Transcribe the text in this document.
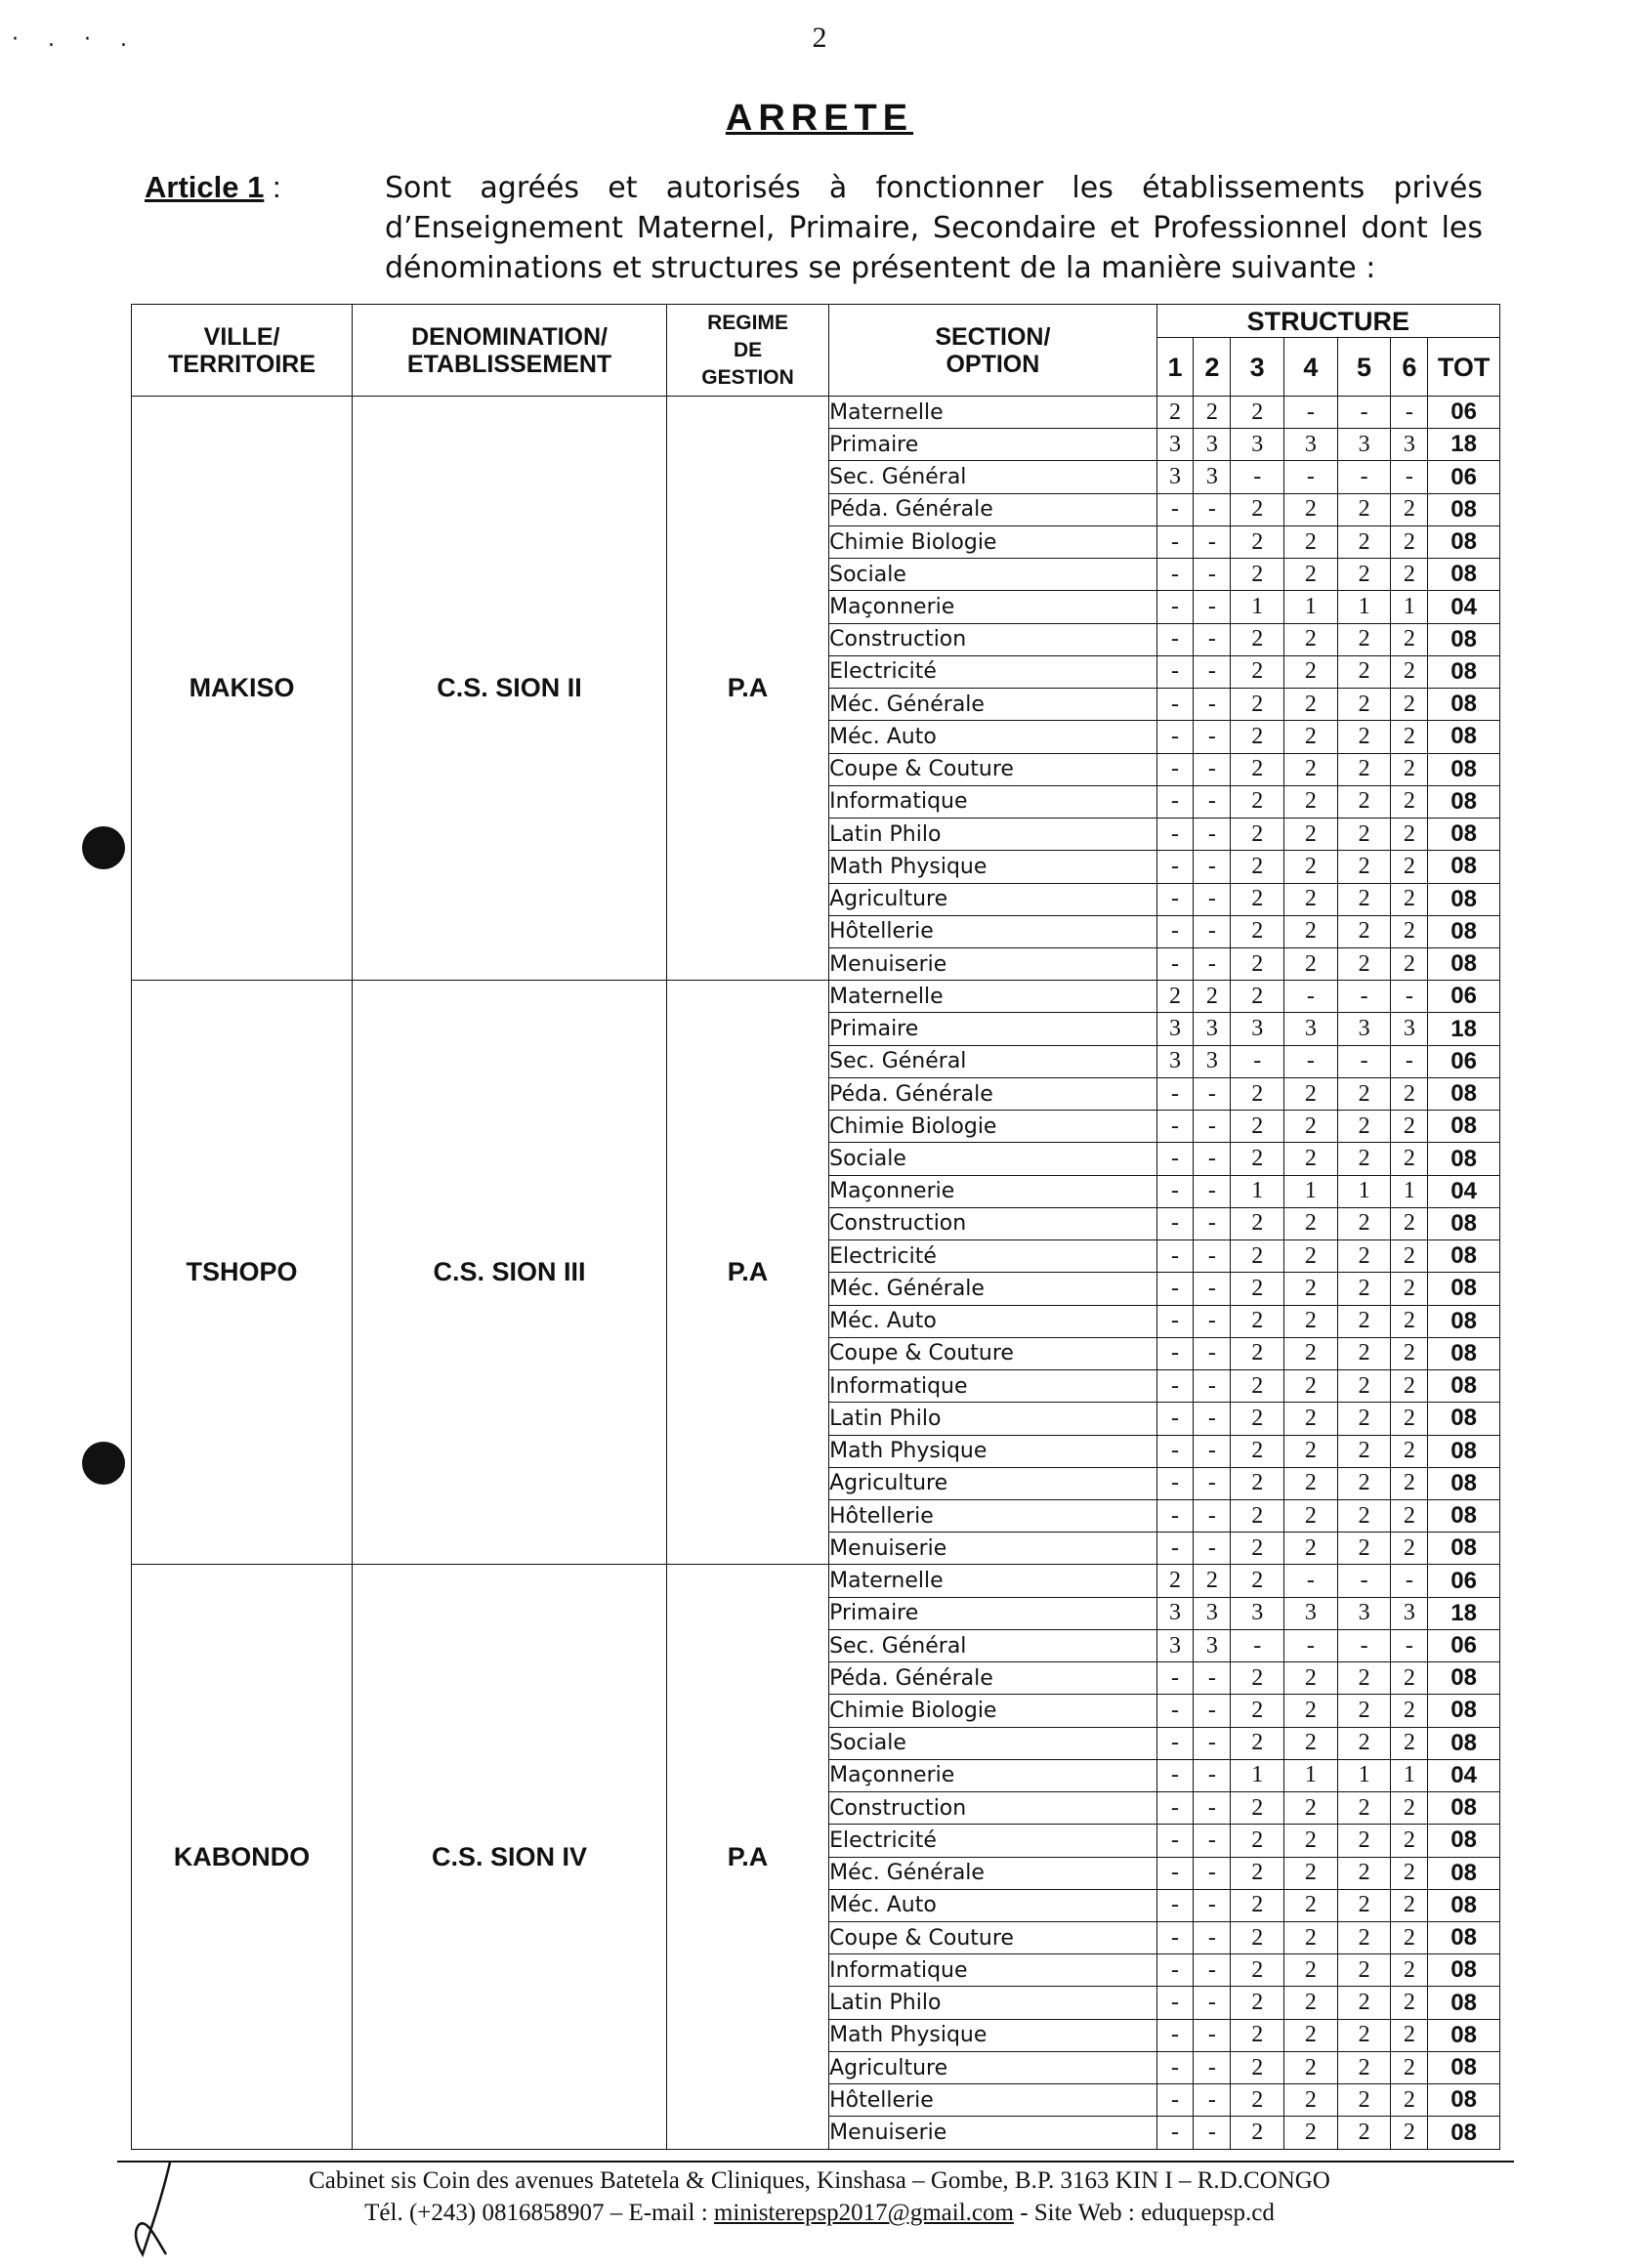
·.·.	2
ARRETE
Article 1 :	Sont agréés et autorisés à fonctionner les établissements privés d’Enseignement Maternel, Primaire, Secondaire et Professionnel dont les dénominations et structures se présentent de la manière suivante :
VILLE/
TERRITOIRE	DENOMINATION/
ETABLISSEMENT	REGIME
DE
GESTION	SECTION/
OPTION	STRUCTURE						
				1	2	3	4	5	6	TOT
MAKISO	C.S. SION II	P.A	Maternelle	2	2	2	-	-	-	06
			Primaire	3	3	3	3	3	3	18
			Sec. Général	3	3	-	-	-	-	06
			Péda. Générale	-	-	2	2	2	2	08
			Chimie Biologie	-	-	2	2	2	2	08
			Sociale	-	-	2	2	2	2	08
			Maçonnerie	-	-	1	1	1	1	04
			Construction	-	-	2	2	2	2	08
			Electricité	-	-	2	2	2	2	08
			Méc. Générale	-	-	2	2	2	2	08
			Méc. Auto	-	-	2	2	2	2	08
			Coupe & Couture	-	-	2	2	2	2	08
			Informatique	-	-	2	2	2	2	08
			Latin Philo	-	-	2	2	2	2	08
			Math Physique	-	-	2	2	2	2	08
			Agriculture	-	-	2	2	2	2	08
			Hôtellerie	-	-	2	2	2	2	08
			Menuiserie	-	-	2	2	2	2	08
TSHOPO	C.S. SION III	P.A	Maternelle	2	2	2	-	-	-	06
			Primaire	3	3	3	3	3	3	18
			Sec. Général	3	3	-	-	-	-	06
			Péda. Générale	-	-	2	2	2	2	08
			Chimie Biologie	-	-	2	2	2	2	08
			Sociale	-	-	2	2	2	2	08
			Maçonnerie	-	-	1	1	1	1	04
			Construction	-	-	2	2	2	2	08
			Electricité	-	-	2	2	2	2	08
			Méc. Générale	-	-	2	2	2	2	08
			Méc. Auto	-	-	2	2	2	2	08
			Coupe & Couture	-	-	2	2	2	2	08
			Informatique	-	-	2	2	2	2	08
			Latin Philo	-	-	2	2	2	2	08
			Math Physique	-	-	2	2	2	2	08
			Agriculture	-	-	2	2	2	2	08
			Hôtellerie	-	-	2	2	2	2	08
			Menuiserie	-	-	2	2	2	2	08
KABONDO	C.S. SION IV	P.A	Maternelle	2	2	2	-	-	-	06
			Primaire	3	3	3	3	3	3	18
			Sec. Général	3	3	-	-	-	-	06
			Péda. Générale	-	-	2	2	2	2	08
			Chimie Biologie	-	-	2	2	2	2	08
			Sociale	-	-	2	2	2	2	08
			Maçonnerie	-	-	1	1	1	1	04
			Construction	-	-	2	2	2	2	08
			Electricité	-	-	2	2	2	2	08
			Méc. Générale	-	-	2	2	2	2	08
			Méc. Auto	-	-	2	2	2	2	08
			Coupe & Couture	-	-	2	2	2	2	08
			Informatique	-	-	2	2	2	2	08
			Latin Philo	-	-	2	2	2	2	08
			Math Physique	-	-	2	2	2	2	08
			Agriculture	-	-	2	2	2	2	08
			Hôtellerie	-	-	2	2	2	2	08
			Menuiserie	-	-	2	2	2	2	08
Cabinet sis Coin des avenues Batetela & Cliniques, Kinshasa – Gombe, B.P. 3163 KIN I – R.D.CONGO
Tél. (+243) 0816858907 – E-mail : ministerepsp2017@gmail.com - Site Web : eduquepsp.cd
